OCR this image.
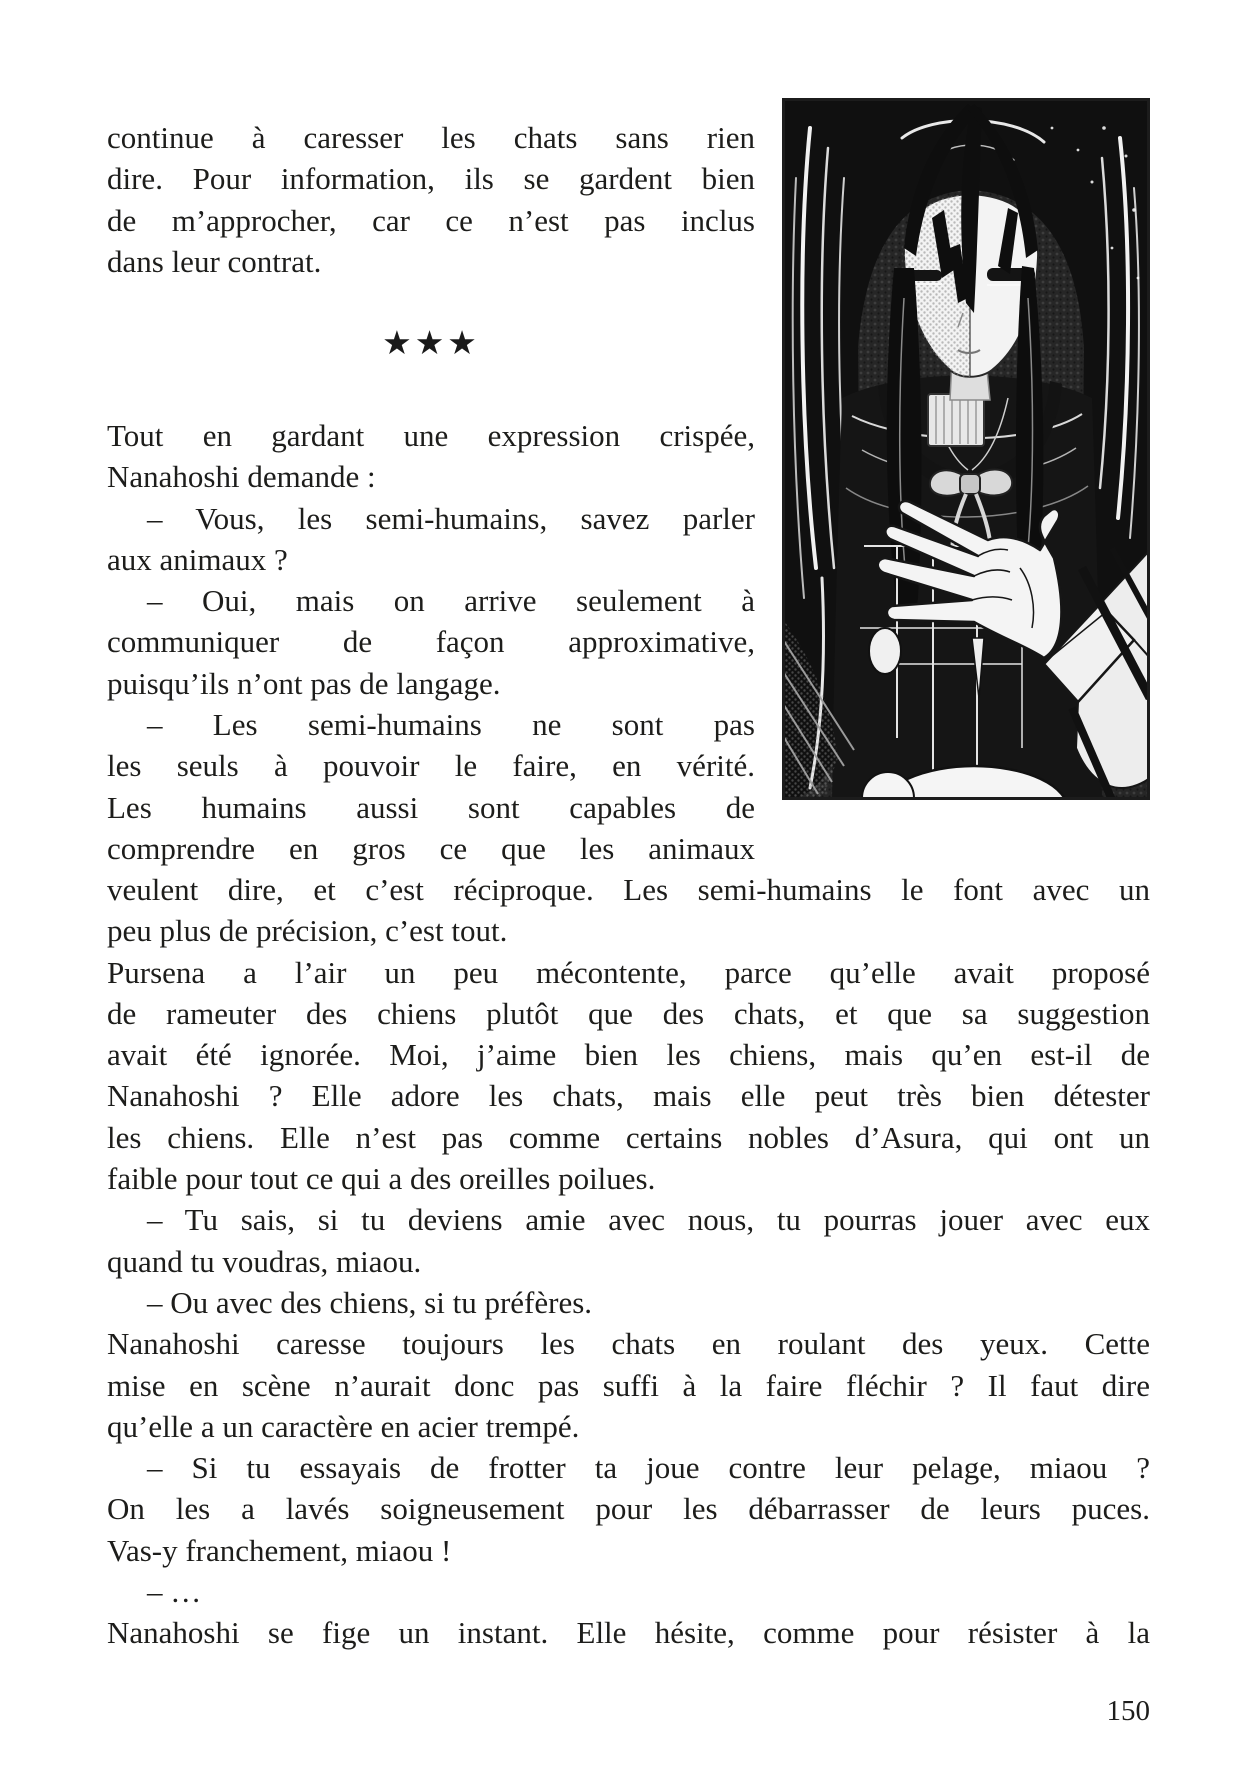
continue à caresser les chats sans rien
dire. Pour information, ils se gardent bien
de m’approcher, car ce n’est pas inclus
dans leur contrat.
★★★
Tout en gardant une expression crispée,
Nanahoshi demande :
– Vous, les semi-humains, savez parler
aux animaux ?
– Oui, mais on arrive seulement à
communiquer de façon approximative,
puisqu’ils n’ont pas de langage.
– Les semi-humains ne sont pas
les seuls à pouvoir le faire, en vérité.
Les humains aussi sont capables de
comprendre en gros ce que les animaux
veulent dire, et c’est réciproque. Les semi-humains le font avec un
peu plus de précision, c’est tout.
Pursena a l’air un peu mécontente, parce qu’elle avait proposé
de rameuter des chiens plutôt que des chats, et que sa suggestion
avait été ignorée. Moi, j’aime bien les chiens, mais qu’en est-il de
Nanahoshi ? Elle adore les chats, mais elle peut très bien détester
les chiens. Elle n’est pas comme certains nobles d’Asura, qui ont un
faible pour tout ce qui a des oreilles poilues.
– Tu sais, si tu deviens amie avec nous, tu pourras jouer avec eux
quand tu voudras, miaou.
– Ou avec des chiens, si tu préfères.
Nanahoshi caresse toujours les chats en roulant des yeux. Cette
mise en scène n’aurait donc pas suffi à la faire fléchir ? Il faut dire
qu’elle a un caractère en acier trempé.
– Si tu essayais de frotter ta joue contre leur pelage, miaou ?
On les a lavés soigneusement pour les débarrasser de leurs puces.
Vas-y franchement, miaou !
– …
Nanahoshi se fige un instant. Elle hésite, comme pour résister à la
150
